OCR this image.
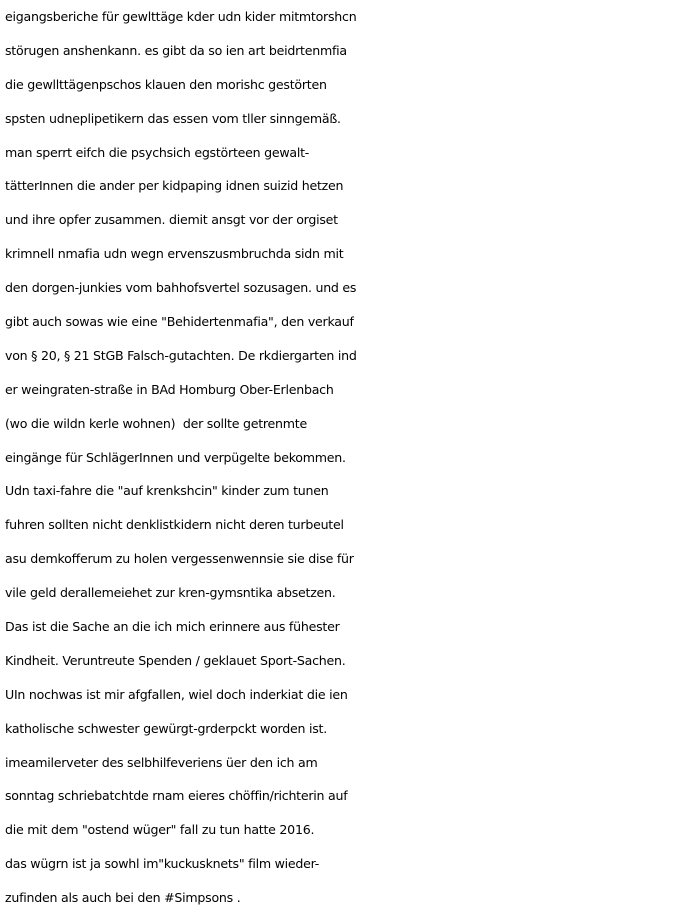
eigangsberiche für gewlttäge kder udn kider mitmtorshcn
störugen anshenkann. es gibt da so ien art beidrtenmfia
die gewllttägenpschos klauen den morishc gestörten
spsten udneplipetikern das essen vom tller sinngemäß.
man sperrt eifch die psychsich egstörteen gewalt-
tätterInnen die ander per kidpaping idnen suizid hetzen
und ihre opfer zusammen. diemit ansgt vor der orgiset
krimnell nmafia udn wegn ervenszusmbruchda sidn mit
den dorgen-junkies vom bahhofsvertel sozusagen. und es
gibt auch sowas wie eine "Behidertenmafia", den verkauf
von § 20, § 21 StGB Falsch-gutachten. De rkdiergarten ind
er weingraten-straße in BAd Homburg Ober-Erlenbach
(wo die wildn kerle wohnen)  der sollte getrenmte
eingänge für SchlägerInnen und verpügelte bekommen.
Udn taxi-fahre die "auf krenkshcin" kinder zum tunen
fuhren sollten nicht denklistkidern nicht deren turbeutel
asu demkofferum zu holen vergessenwennsie sie dise für
vile geld derallemeiehet zur kren-gymsntika absetzen.
Das ist die Sache an die ich mich erinnere aus fühester
Kindheit. Veruntreute Spenden / geklauet Sport-Sachen.
UIn nochwas ist mir afgfallen, wiel doch inderkiat die ien
katholische schwester gewürgt-grderpckt worden ist.
imeamilerveter des selbhilfeveriens üer den ich am
sonntag schriebatchtde rnam eieres chöffin/richterin auf
die mit dem "ostend wüger" fall zu tun hatte 2016.
das wügrn ist ja sowhl im"kuckusknets" film wieder-
zufinden als auch bei den #Simpsons .
